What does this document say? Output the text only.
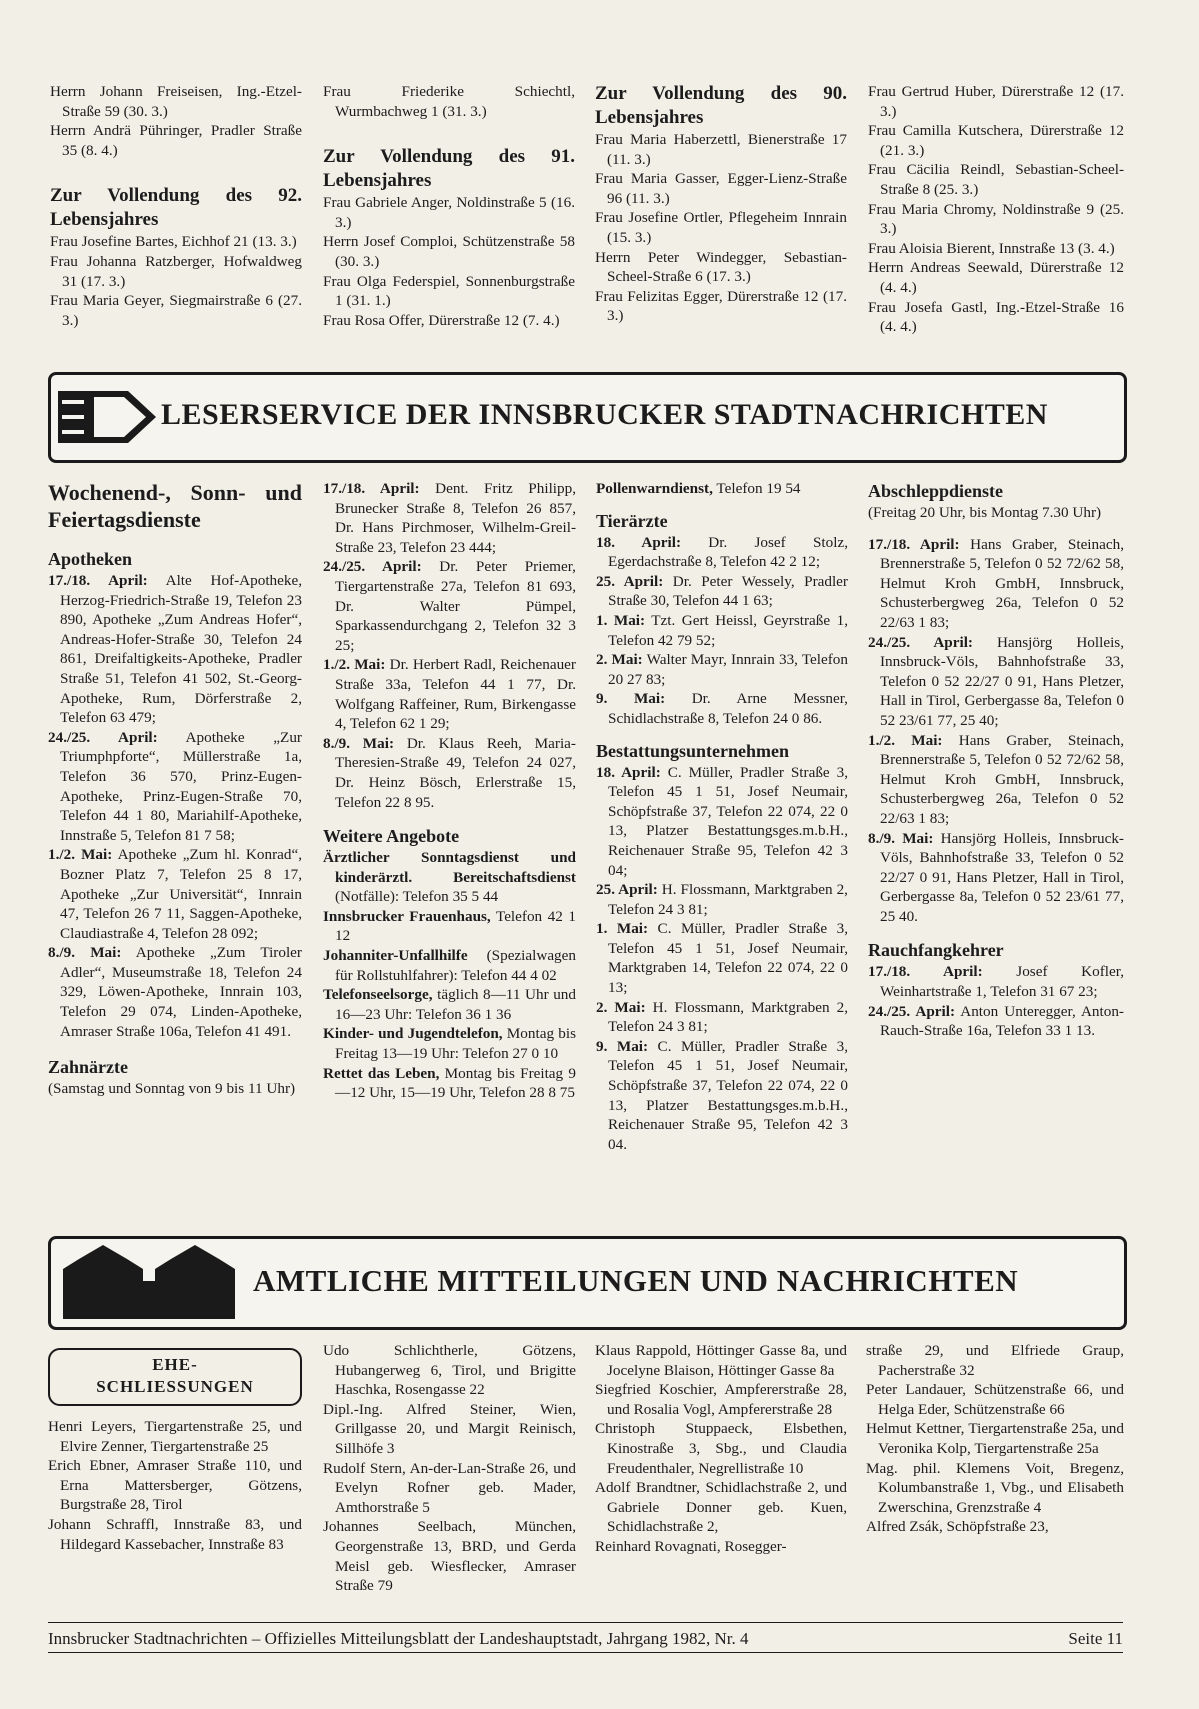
Herrn Johann Freiseisen, Ing.-Etzel-Straße 59 (30. 3.)

Herrn Andrä Pühringer, Pradler Straße 35 (8. 4.)

Zur Vollendung des 92. Lebensjahres

Frau Josefine Bartes, Eichhof 21 (13. 3.)

Frau Johanna Ratzberger, Hofwaldweg 31 (17. 3.)

Frau Maria Geyer, Siegmairstraße 6 (27. 3.)

Frau Friederike Schiechtl, Wurmbachweg 1 (31. 3.)

Zur Vollendung des 91. Lebensjahres

Frau Gabriele Anger, Noldinstraße 5 (16. 3.)

Herrn Josef Comploi, Schützenstraße 58 (30. 3.)

Frau Olga Federspiel, Sonnenburgstraße 1 (31. 1.)

Frau Rosa Offer, Dürerstraße 12 (7. 4.)

Zur Vollendung des 90. Lebensjahres

Frau Maria Haberzettl, Bienerstraße 17 (11. 3.)

Frau Maria Gasser, Egger-Lienz-Straße 96 (11. 3.)

Frau Josefine Ortler, Pflegeheim Innrain (15. 3.)

Herrn Peter Windegger, Sebastian-Scheel-Straße 6 (17. 3.)

Frau Felizitas Egger, Dürerstraße 12 (17. 3.)

Frau Gertrud Huber, Dürerstraße 12 (17. 3.)

Frau Camilla Kutschera, Dürerstraße 12 (21. 3.)

Frau Cäcilia Reindl, Sebastian-Scheel-Straße 8 (25. 3.)

Frau Maria Chromy, Noldinstraße 9 (25. 3.)

Frau Aloisia Bierent, Innstraße 13 (3. 4.)

Herrn Andreas Seewald, Dürerstraße 12 (4. 4.)

Frau Josefa Gastl, Ing.-Etzel-Straße 16 (4. 4.)

LESERSERVICE DER INNSBRUCKER STADTNACHRICHTEN
Wochenend-, Sonn- und Feiertagsdienste
Apotheken

17./18. April: Alte Hof-Apotheke, Herzog-Friedrich-Straße 19, Telefon 23 890, Apotheke „Zum Andreas Hofer“, Andreas-Hofer-Straße 30, Telefon 24 861, Dreifaltigkeits-Apotheke, Pradler Straße 51, Telefon 41 502, St.-Georg-Apotheke, Rum, Dörferstraße 2, Telefon 63 479;

24./25. April: Apotheke „Zur Triumphpforte“, Müllerstraße 1a, Telefon 36 570, Prinz-Eugen-Apotheke, Prinz-Eugen-Straße 70, Telefon 44 1 80, Mariahilf-Apotheke, Innstraße 5, Telefon 81 7 58;

1./2. Mai: Apotheke „Zum hl. Konrad“, Bozner Platz 7, Telefon 25 8 17, Apotheke „Zur Universität“, Innrain 47, Telefon 26 7 11, Saggen-Apotheke, Claudiastraße 4, Telefon 28 092;

8./9. Mai: Apotheke „Zum Tiroler Adler“, Museumstraße 18, Telefon 24 329, Löwen-Apotheke, Innrain 103, Telefon 29 074, Linden-Apotheke, Amraser Straße 106a, Telefon 41 491.

Zahnärzte
(Samstag und Sonntag von 9 bis 11 Uhr)

17./18. April: Dent. Fritz Philipp, Brunecker Straße 8, Telefon 26 857, Dr. Hans Pirchmoser, Wilhelm-Greil-Straße 23, Telefon 23 444;

24./25. April: Dr. Peter Priemer, Tiergartenstraße 27a, Telefon 81 693, Dr. Walter Pümpel, Sparkassendurchgang 2, Telefon 32 3 25;

1./2. Mai: Dr. Herbert Radl, Reichenauer Straße 33a, Telefon 44 1 77, Dr. Wolfgang Raffeiner, Rum, Birkengasse 4, Telefon 62 1 29;

8./9. Mai: Dr. Klaus Reeh, Maria-Theresien-Straße 49, Telefon 24 027, Dr. Heinz Bösch, Erlerstraße 15, Telefon 22 8 95.

Weitere Angebote

Ärztlicher Sonntagsdienst und kinderärztl. Bereitschaftsdienst (Notfälle): Telefon 35 5 44

Innsbrucker Frauenhaus, Telefon 42 1 12

Johanniter-Unfallhilfe (Spezialwagen für Rollstuhlfahrer): Telefon 44 4 02

Telefonseelsorge, täglich 8—11 Uhr und 16—23 Uhr: Telefon 36 1 36

Kinder- und Jugendtelefon, Montag bis Freitag 13—19 Uhr: Telefon 27 0 10

Rettet das Leben, Montag bis Freitag 9—12 Uhr, 15—19 Uhr, Telefon 28 8 75

Pollenwarndienst, Telefon 19 54

Tierärzte

18. April: Dr. Josef Stolz, Egerdachstraße 8, Telefon 42 2 12;

25. April: Dr. Peter Wessely, Pradler Straße 30, Telefon 44 1 63;

1. Mai: Tzt. Gert Heissl, Geyrstraße 1, Telefon 42 79 52;

2. Mai: Walter Mayr, Innrain 33, Telefon 20 27 83;

9. Mai: Dr. Arne Messner, Schidlachstraße 8, Telefon 24 0 86.

Bestattungsunternehmen

18. April: C. Müller, Pradler Straße 3, Telefon 45 1 51, Josef Neumair, Schöpfstraße 37, Telefon 22 074, 22 0 13, Platzer Bestattungsges.m.b.H., Reichenauer Straße 95, Telefon 42 3 04;

25. April: H. Flossmann, Marktgraben 2, Telefon 24 3 81;

1. Mai: C. Müller, Pradler Straße 3, Telefon 45 1 51, Josef Neumair, Marktgraben 14, Telefon 22 074, 22 0 13;

2. Mai: H. Flossmann, Marktgraben 2, Telefon 24 3 81;

9. Mai: C. Müller, Pradler Straße 3, Telefon 45 1 51, Josef Neumair, Schöpfstraße 37, Telefon 22 074, 22 0 13, Platzer Bestattungsges.m.b.H., Reichenauer Straße 95, Telefon 42 3 04.

Abschleppdienste
(Freitag 20 Uhr, bis Montag 7.30 Uhr)

17./18. April: Hans Graber, Steinach, Brennerstraße 5, Telefon 0 52 72/62 58, Helmut Kroh GmbH, Innsbruck, Schusterbergweg 26a, Telefon 0 52 22/63 1 83;

24./25. April: Hansjörg Holleis, Innsbruck-Völs, Bahnhofstraße 33, Telefon 0 52 22/27 0 91, Hans Pletzer, Hall in Tirol, Gerbergasse 8a, Telefon 0 52 23/61 77, 25 40;

1./2. Mai: Hans Graber, Steinach, Brennerstraße 5, Telefon 0 52 72/62 58, Helmut Kroh GmbH, Innsbruck, Schusterbergweg 26a, Telefon 0 52 22/63 1 83;

8./9. Mai: Hansjörg Holleis, Innsbruck-Völs, Bahnhofstraße 33, Telefon 0 52 22/27 0 91, Hans Pletzer, Hall in Tirol, Gerbergasse 8a, Telefon 0 52 23/61 77, 25 40.

Rauchfangkehrer

17./18. April: Josef Kofler, Weinhartstraße 1, Telefon 31 67 23;

24./25. April: Anton Unteregger, Anton-Rauch-Straße 16a, Telefon 33 1 13.

AMTLICHE MITTEILUNGEN UND NACHRICHTEN
EHE-
SCHLIESSUNGEN

Henri Leyers, Tiergartenstraße 25, und Elvire Zenner, Tiergartenstraße 25

Erich Ebner, Amraser Straße 110, und Erna Mattersberger, Götzens, Burgstraße 28, Tirol

Johann Schraffl, Innstraße 83, und Hildegard Kassebacher, Innstraße 83

Udo Schlichtherle, Götzens, Hubangerweg 6, Tirol, und Brigitte Haschka, Rosengasse 22

Dipl.-Ing. Alfred Steiner, Wien, Grillgasse 20, und Margit Reinisch, Sillhöfe 3

Rudolf Stern, An-der-Lan-Straße 26, und Evelyn Rofner geb. Mader, Amthorstraße 5

Johannes Seelbach, München, Georgenstraße 13, BRD, und Gerda Meisl geb. Wiesflecker, Amraser Straße 79

Klaus Rappold, Höttinger Gasse 8a, und Jocelyne Blaison, Höttinger Gasse 8a

Siegfried Koschier, Ampfererstraße 28, und Rosalia Vogl, Ampfererstraße 28

Christoph Stuppaeck, Elsbethen, Kinostraße 3, Sbg., und Claudia Freudenthaler, Negrellistraße 10

Adolf Brandtner, Schidlachstraße 2, und Gabriele Donner geb. Kuen, Schidlachstraße 2,

Reinhard Rovagnati, Rosegger-

straße 29, und Elfriede Graup, Pacherstraße 32

Peter Landauer, Schützenstraße 66, und Helga Eder, Schützenstraße 66

Helmut Kettner, Tiergartenstraße 25a, und Veronika Kolp, Tiergartenstraße 25a

Mag. phil. Klemens Voit, Bregenz, Kolumbanstraße 1, Vbg., und Elisabeth Zwerschina, Grenzstraße 4

Alfred Zsák, Schöpfstraße 23,

Innsbrucker Stadtnachrichten – Offizielles Mitteilungsblatt der Landeshauptstadt, Jahrgang 1982, Nr. 4	Seite 11
